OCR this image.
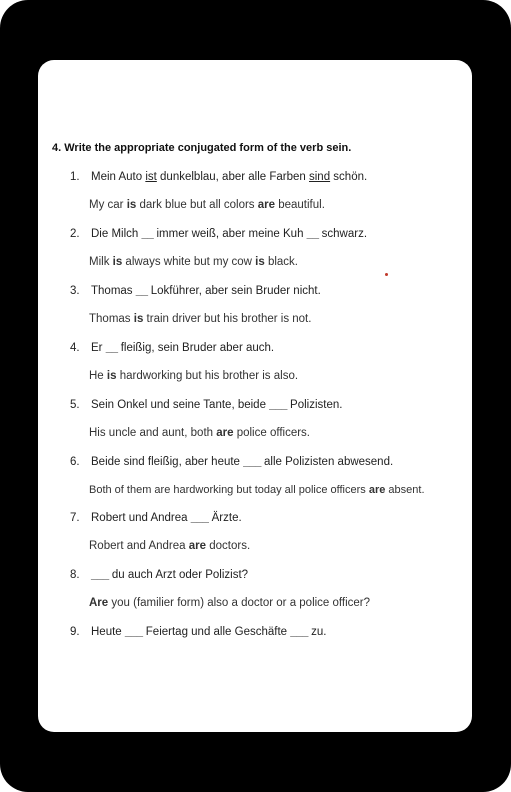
4. Write the appropriate conjugated form of the verb sein.
1. Mein Auto ist dunkelblau, aber alle Farben sind schön.
My car is dark blue but all colors are beautiful.
2. Die Milch __ immer weiß, aber meine Kuh __ schwarz.
Milk is always white but my cow is black.
3. Thomas __ Lokführer, aber sein Bruder nicht.
Thomas is train driver but his brother is not.
4. Er __ fleißig, sein Bruder aber auch.
He is hardworking but his brother is also.
5. Sein Onkel und seine Tante, beide ___ Polizisten.
His uncle and aunt, both are police officers.
6. Beide sind fleißig, aber heute ___ alle Polizisten abwesend.
Both of them are hardworking but today all police officers are absent.
7. Robert und Andrea ___ Ärzte.
Robert and Andrea are doctors.
8. ___ du auch Arzt oder Polizist?
Are you (familier form) also a doctor or a police officer?
9. Heute ___ Feiertag und alle Geschäfte ___ zu.
